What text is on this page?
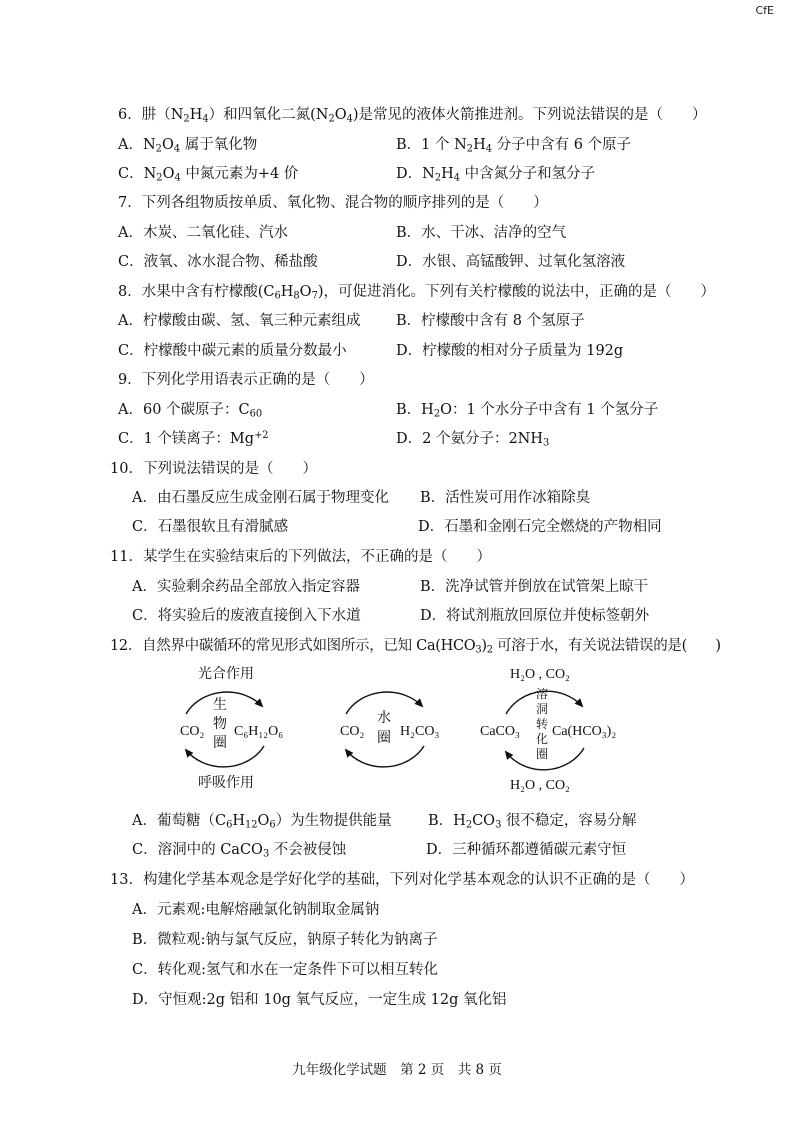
CfE
6．肼$(N_2H_4)$和四氧化二氮$(N_2O_4)$是常见的液体火箭推进剂。下列说法错误的是（　　）
A．$N_2O_4$ 属于氧化物	B．1 个 $N_2H_4$ 分子中含有 6 个原子
C．$N_2O_4$ 中氮元素为+4 价	D．$N_2H_4$ 中含氮分子和氢分子
7．下列各组物质按单质、氧化物、混合物的顺序排列的是（　　）
A．木炭、二氧化硅、汽水	B．水、干冰、洁净的空气
C．液氧、冰水混合物、稀盐酸	D．水银、高锰酸钾、过氧化氢溶液
8．水果中含有柠檬酸$(C_6H_8O_7)$，可促进消化。下列有关柠檬酸的说法中，正确的是（　　）
A．柠檬酸由碳、氢、氧三种元素组成 B．柠檬酸中含有 8 个氢原子
C．柠檬酸中碳元素的质量分数最小	D．柠檬酸的相对分子质量为 192g
9．下列化学用语表示正确的是（　　）
A．60 个碳原子：$C_{60}$	B．$H_2O$：1 个水分子中含有 1 个氢分子
C．1 个镁离子：$Mg^{+2}$	D．2 个氨分子：$2NH_3$
10．下列说法错误的是（　　）
A．由石墨反应生成金刚石属于物理变化 B．活性炭可用作冰箱除臭
C．石墨很软且有滑腻感	D．石墨和金刚石完全燃烧的产物相同
11．某学生在实验结束后的下列做法，不正确的是（　　）
A．实验剩余药品全部放入指定容器	B．洗净试管并倒放在试管架上晾干
C．将实验后的废液直接倒入下水道	D．将试剂瓶放回原位并使标签朝外
12．自然界中碳循环的常见形式如图所示，已知 $Ca(HCO_3)_2$ 可溶于水，有关说法错误的是(　　)
光合作用
CO₂ C₆H₁₂O₆
生
物
圈
呼吸作用
CO₂	H₂CO₃
水
圈
H₂O , CO₂
CaCO₃ Ca(HCO₃)₂
溶
洞
转
化
圈
H₂O , CO₂
A．葡萄糖$(C_6H_{12}O_6)$为生物提供能量	B．$H_2CO_3$ 很不稳定，容易分解
C．溶洞中的 CaCO$_3$ 不会被侵蚀	D．三种循环都遵循碳元素守恒
13．构建化学基本观念是学好化学的基础，下列对化学基本观念的认识不正确的是（　　）
A．元素观:电解熔融氯化钠制取金属钠
B．微粒观:钠与氯气反应，钠原子转化为钠离子
C．转化观:氢气和水在一定条件下可以相互转化
D．守恒观:2g 铝和 10g 氧气反应，一定生成 12g 氧化铝
九年级化学试题　第 2 页　共 8 页
